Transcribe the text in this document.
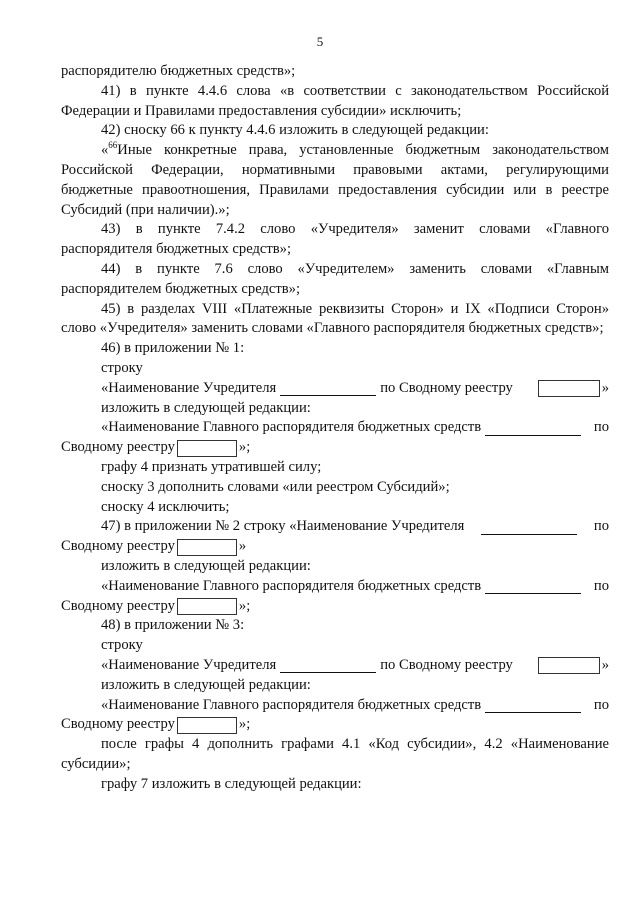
5

распорядителю бюджетных средств»;

41) в пункте 4.4.6 слова «в соответствии с законодательством Российской Федерации и Правилами предоставления субсидии» исключить;

42) сноску 66 к пункту 4.4.6 изложить в следующей редакции:

«$^{66}$Иные конкретные права, установленные бюджетным законодательством Российской Федерации, нормативными правовыми актами, регулирующими бюджетные правоотношения, Правилами предоставления субсидии или в реестре Субсидий (при наличии).»;

43) в пункте 7.4.2 слово «Учредителя» заменит словами «Главного распорядителя бюджетных средств»;

44) в пункте 7.6 слово «Учредителем» заменить словами «Главным распорядителем бюджетных средств»;

45) в разделах VIII «Платежные реквизиты Сторон» и IX «Подписи Сторон» слово «Учредителя» заменить словами «Главного распорядителя бюджетных средств»;

46) в приложении № 1:

строку

«Наименование Учредителя	по Сводному реестру	»

изложить в следующей редакции:

«Наименование Главного распорядителя бюджетных средств	по
Сводному реестру	»;

графу 4 признать утратившей силу;

сноску 3 дополнить словами «или реестром Субсидий»;

сноску 4 исключить;

47) в приложении № 2 строку «Наименование Учредителя	по
Сводному реестру	»

изложить в следующей редакции:

«Наименование Главного распорядителя бюджетных средств	по
Сводному реестру	»;

48) в приложении № 3:

строку

«Наименование Учредителя	по Сводному реестру	»

изложить в следующей редакции:

«Наименование Главного распорядителя бюджетных средств	по
Сводному реестру	»;

после графы 4 дополнить графами 4.1 «Код субсидии», 4.2 «Наименование субсидии»;

графу 7 изложить в следующей редакции:
